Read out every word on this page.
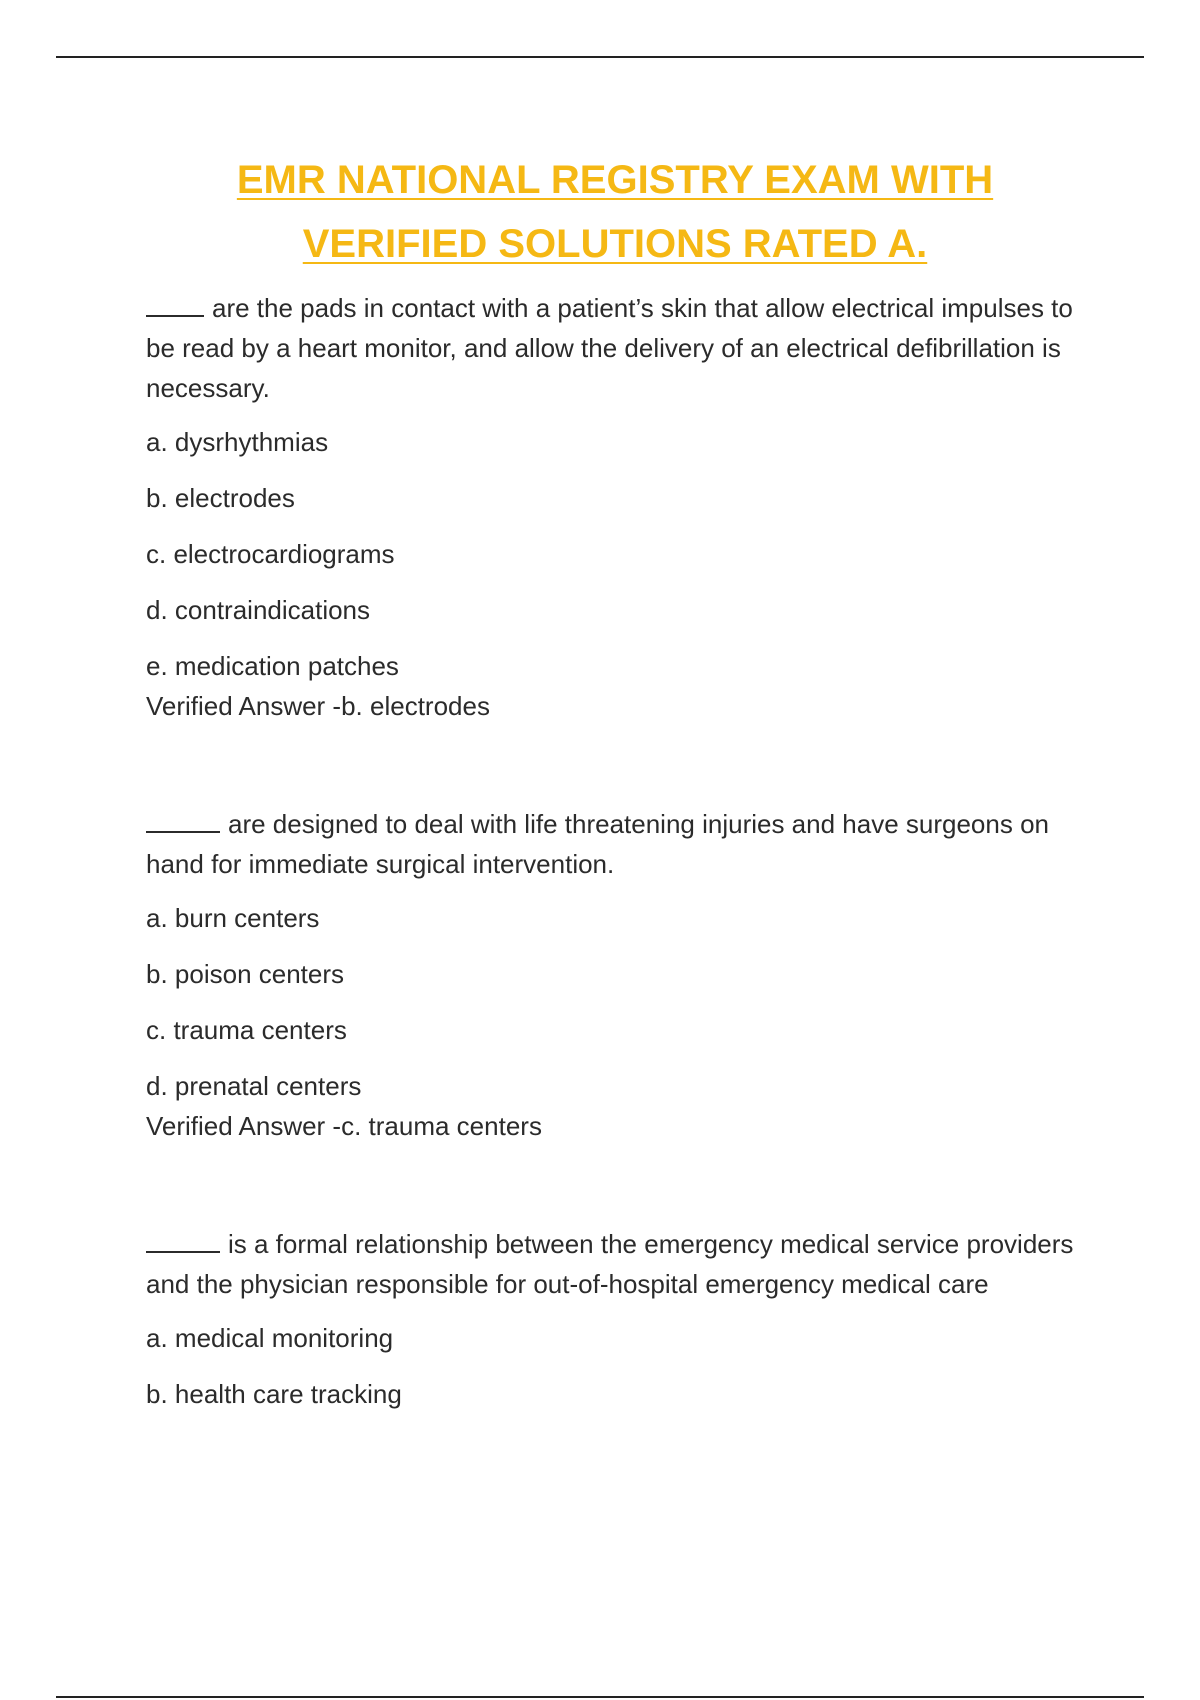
EMR NATIONAL REGISTRY EXAM WITH
VERIFIED SOLUTIONS RATED A.

are the pads in contact with a patient’s skin that allow electrical impulses to be read by a heart monitor, and allow the delivery of an electrical defibrillation is necessary.

a. dysrhythmias

b. electrodes

c. electrocardiograms

d. contraindications

e. medication patches

Verified Answer -b. electrodes

are designed to deal with life threatening injuries and have surgeons on hand for immediate surgical intervention.

a. burn centers

b. poison centers

c. trauma centers

d. prenatal centers

Verified Answer -c. trauma centers

is a formal relationship between the emergency medical service providers and the physician responsible for out-of-hospital emergency medical care

a. medical monitoring

b. health care tracking
